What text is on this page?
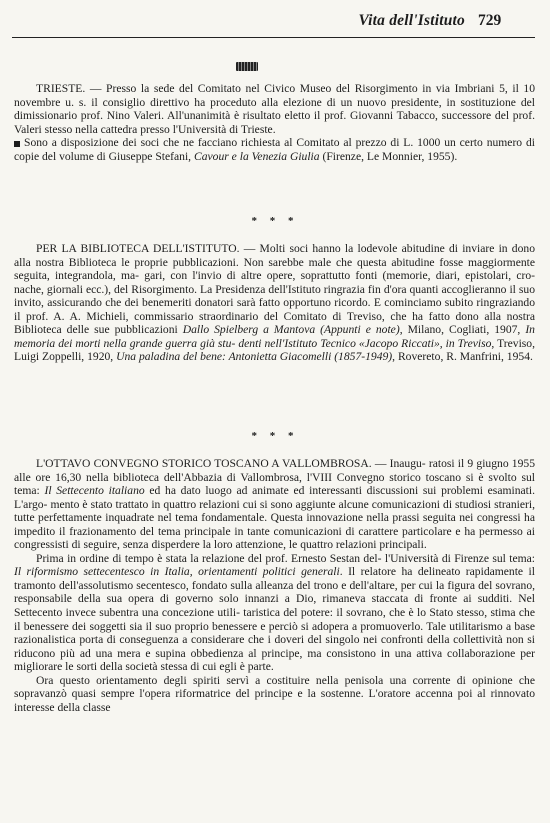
Vita dell'Istituto 729

TRIESTE. — Presso la sede del Comitato nel Civico Museo del Risorgimento in via Imbriani 5, il 10 novembre u. s. il consiglio direttivo ha proceduto alla elezione di un nuovo presidente, in sostituzione del dimissionario prof. Nino Valeri. All'unanimità è risultato eletto il prof. Giovanni Tabacco, successore del prof. Valeri stesso nella cattedra presso l'Università di Trieste.

Sono a disposizione dei soci che ne facciano richiesta al Comitato al prezzo di L. 1000 un certo numero di copie del volume di Giuseppe Stefani, Cavour e la Venezia Giulia (Firenze, Le Monnier, 1955).

* * *

PER LA BIBLIOTECA DELL'ISTITUTO. — Molti soci hanno la lodevole abitudine di inviare in dono alla nostra Biblioteca le proprie pubblicazioni. Non sarebbe male che questa abitudine fosse maggiormente seguita, integrandola, ma- gari, con l'invio di altre opere, soprattutto fonti (memorie, diari, epistolari, cro- nache, giornali ecc.), del Risorgimento. La Presidenza dell'Istituto ringrazia fin d'ora quanti accoglieranno il suo invito, assicurando che dei benemeriti donatori sarà fatto opportuno ricordo. E cominciamo subito ringraziando il prof. A. A. Michieli, commissario straordinario del Comitato di Treviso, che ha fatto dono alla nostra Biblioteca delle sue pubblicazioni Dallo Spielberg a Mantova (Appunti e note), Milano, Cogliati, 1907, In memoria dei morti nella grande guerra già stu- denti nell'Istituto Tecnico «Jacopo Riccati», in Treviso, Treviso, Luigi Zoppelli, 1920, Una paladina del bene: Antonietta Giacomelli (1857-1949), Rovereto, R. Manfrini, 1954.

* * *

L'OTTAVO CONVEGNO STORICO TOSCANO A VALLOMBROSA. — Inaugu- ratosi il 9 giugno 1955 alle ore 16,30 nella biblioteca dell'Abbazia di Vallombrosa, l'VIII Convegno storico toscano si è svolto sul tema: Il Settecento italiano ed ha dato luogo ad animate ed interessanti discussioni sui problemi esaminati. L'argo- mento è stato trattato in quattro relazioni cui si sono aggiunte alcune comunicazioni di studiosi stranieri, tutte perfettamente inquadrate nel tema fondamentale. Questa innovazione nella prassi seguita nei congressi ha impedito il frazionamento del tema principale in tante comunicazioni di carattere particolare e ha permesso ai congressisti di seguire, senza disperdere la loro attenzione, le quattro relazioni principali.

Prima in ordine di tempo è stata la relazione del prof. Ernesto Sestan del- l'Università di Firenze sul tema: Il riformismo settecentesco in Italia, orientamenti politici generali. Il relatore ha delineato rapidamente il tramonto dell'assolutismo secentesco, fondato sulla alleanza del trono e dell'altare, per cui la figura del sovrano, responsabile della sua opera di governo solo innanzi a Dio, rimaneva staccata di fronte ai sudditi. Nel Settecento invece subentra una concezione utili- taristica del potere: il sovrano, che è lo Stato stesso, stima che il benessere dei soggetti sia il suo proprio benessere e perciò si adopera a promuoverlo. Tale utilitarismo a base razionalistica porta di conseguenza a considerare che i doveri del singolo nei confronti della collettività non si riducono più ad una mera e supina obbedienza al principe, ma consistono in una attiva collaborazione per migliorare le sorti della società stessa di cui egli è parte.

Ora questo orientamento degli spiriti servì a costituire nella penisola una corrente di opinione che sopravanzò quasi sempre l'opera riformatrice del principe e la sostenne. L'oratore accenna poi al rinnovato interesse della classe
